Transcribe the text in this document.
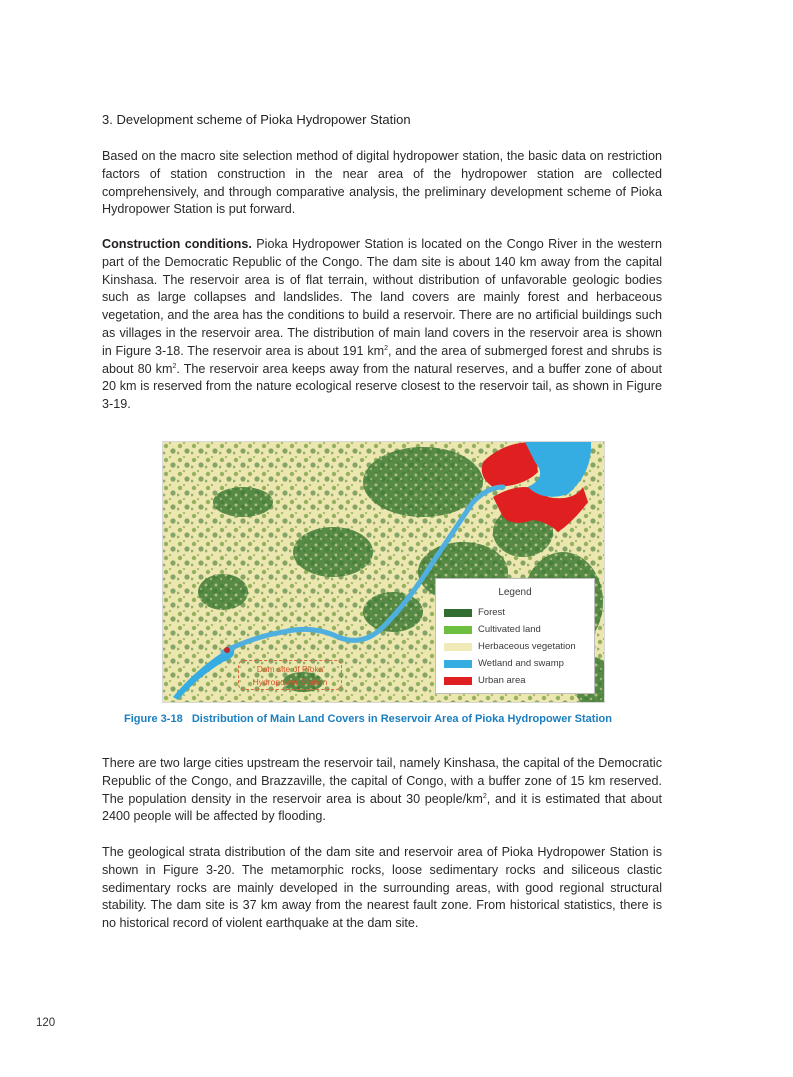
3. Development scheme of Pioka Hydropower Station

Based on the macro site selection method of digital hydropower station, the basic data on restriction factors of station construction in the near area of the hydropower station are collected comprehensively, and through comparative analysis, the preliminary development scheme of Pioka Hydropower Station is put forward.

Construction conditions. Pioka Hydropower Station is located on the Congo River in the western part of the Democratic Republic of the Congo. The dam site is about 140 km away from the capital Kinshasa. The reservoir area is of flat terrain, without distribution of unfavorable geologic bodies such as large collapses and landslides. The land covers are mainly forest and herbaceous vegetation, and the area has the conditions to build a reservoir. There are no artificial buildings such as villages in the reservoir area. The distribution of main land covers in the reservoir area is shown in Figure 3-18. The reservoir area is about 191 $km^2$, and the area of submerged forest and shrubs is about 80 $km^2$. The reservoir area keeps away from the natural reserves, and a buffer zone of about 20 km is reserved from the nature ecological reserve closest to the reservoir tail, as shown in Figure 3-19.

Dam site of Pioka
Hydropower Station
Legend
Forest
Cultivated land
Herbaceous vegetation
Wetland and swamp
Urban area
Figure 3-18   Distribution of Main Land Covers in Reservoir Area of Pioka Hydropower Station

There are two large cities upstream the reservoir tail, namely Kinshasa, the capital of the Democratic Republic of the Congo, and Brazzaville, the capital of Congo, with a buffer zone of 15 km reserved. The population density in the reservoir area is about 30 people/$km^2$, and it is estimated that about 2400 people will be affected by flooding.

The geological strata distribution of the dam site and reservoir area of Pioka Hydropower Station is shown in Figure 3-20. The metamorphic rocks, loose sedimentary rocks and siliceous clastic sedimentary rocks are mainly developed in the surrounding areas, with good regional structural stability. The dam site is 37 km away from the nearest fault zone. From historical statistics, there is no historical record of violent earthquake at the dam site.

120
